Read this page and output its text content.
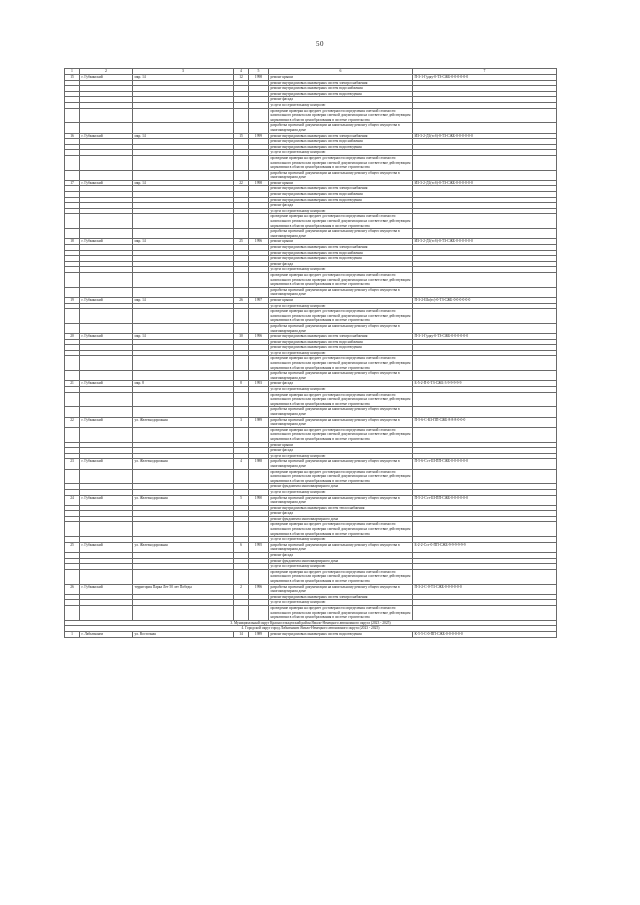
50
1	2	3	4	5	6	7
15	г. Губкинский	мкр. 14	12	1998	ремонт крыши	П-3-1-Гудку-0-ТЗ-СЖБ-0-0-0-0-0-0
					ремонт внутридомовых инженерных систем электроснабжения	
					ремонт внутридомовых инженерных систем водоснабжения	
					ремонт внутридомовых инженерных систем водоотведения	
					ремонт фасада	
					услуги по строительному контролю	
					проведение проверки на предмет достоверности определения сметной стоимости капитального ремонта или проверки сметной документации на соответствие действующим нормативам в области ценообразования в системе строительства	
					разработка проектной документации на капитальному ремонту общего имущества в многоквартирном доме	
16	г. Губкинский	мкр. 14	15	1999	ремонт внутридомовых инженерных систем электроснабжения	ИЗ-3-2-Д1(тсб)-0-ТЗ-СЖБ-0-0-0-0-0-0
					ремонт внутридомовых инженерных систем водоснабжения	
					ремонт внутридомовых инженерных систем водоотведения	
					услуги по строительному контролю	
					проведение проверки на предмет достоверности определения сметной стоимости капитального ремонта или проверки сметной документации на соответствие действующим нормативам в области ценообразования в системе строительства	
					разработка проектной документации на капитальному ремонту общего имущества в многоквартирном доме	
17	г. Губкинский	мкр. 14	22	1998	ремонт крыши	ИЗ-3-2-Д1(тсб)-0-ТЗ-СЖБ-0-0-0-0-0-0
					ремонт внутридомовых инженерных систем электроснабжения	
					ремонт внутридомовых инженерных систем водоснабжения	
					ремонт внутридомовых инженерных систем водоотведения	
					ремонт фасада	
					услуги по строительному контролю	
					проведение проверки на предмет достоверности определения сметной стоимости капитального ремонта или проверки сметной документации на соответствие действующим нормативам в области ценообразования в системе строительства	
					разработка проектной документации на капитальному ремонту общего имущества в многоквартирном доме	
18	г. Губкинский	мкр. 14	25	1996	ремонт крыши	ИЗ-3-2-Д1(тсб)-0-ТЗ-СЖБ-0-0-0-0-0-0
					ремонт внутридомовых инженерных систем электроснабжения	
					ремонт внутридомовых инженерных систем водоснабжения	
					ремонт внутридомовых инженерных систем водоотведения	
					ремонт фасада	
					услуги по строительному контролю	
					проведение проверки на предмет достоверности определения сметной стоимости капитального ремонта или проверки сметной документации на соответствие действующим нормативам в области ценообразования в системе строительства	
					разработка проектной документации на капитальному ремонту общего имущества в многоквартирном доме	
19	г. Губкинский	мкр. 14	26	1997	ремонт крыши	П-3-2-Шо(тс)-0-ТЗ-СЖБ-0-0-0-0-0-0
					услуги по строительному контролю	
					проведение проверки на предмет достоверности определения сметной стоимости капитального ремонта или проверки сметной документации на соответствие действующим нормативам в области ценообразования в системе строительства	
					разработка проектной документации на капитальному ремонту общего имущества в многоквартирном доме	
20	г. Губкинский	мкр. 14	30	1996	ремонт внутридомовых инженерных систем электроснабжения	П-3-1-Гудку-0-ТЗ-СЖБ-0-0-0-0-0-0
					ремонт внутридомовых инженерных систем водоснабжения	
					ремонт внутридомовых инженерных систем водоотведения	
					услуги по строительному контролю	
					проведение проверки на предмет достоверности определения сметной стоимости капитального ремонта или проверки сметной документации на соответствие действующим нормативам в области ценообразования в системе строительства	
					разработка проектной документации на капитальному ремонту общего имущества в многоквартирном доме	
21	г. Губкинский	мкр. 8	8	1993	ремонт фасада	Б-5-2-П-0-ТЗ-СЖБ-3-9-9-9-9-9
					услуги по строительному контролю	
					проведение проверки на предмет достоверности определения сметной стоимости капитального ремонта или проверки сметной документации на соответствие действующим нормативам в области ценообразования в системе строительства	
					разработка проектной документации на капитальному ремонту общего имущества в многоквартирном доме	
22	г. Губкинский	ул. Железнодорожная	3	1989	разработка проектной документации на капитальному ремонту общего имущества в многоквартирном доме	П-5-6-С-КЗ-ПП-СЖБ-8-8-8-0-0-0
					проведение проверки на предмет достоверности определения сметной стоимости капитального ремонта или проверки сметной документации на соответствие действующим нормативам в области ценообразования в системе строительства	
					ремонт крыши	
					ремонт фасада	
					услуги по строительному контролю	
23	г. Губкинский	ул. Железнодорожная	4	1988	разработка проектной документации на капитальному ремонту общего имущества в многоквартирном доме	П-5-6-Сст-Ш-ПП-СЖБ-0-0-0-0-0-0
					проведение проверки на предмет достоверности определения сметной стоимости капитального ремонта или проверки сметной документации на соответствие действующим нормативам в области ценообразования в системе строительства	
					ремонт фундамента многоквартирного дома	
					услуги по строительному контролю	
24	г. Губкинский	ул. Железнодорожная	5	1990	разработка проектной документации на капитальному ремонту общего имущества в многоквартирном доме	П-5-2-Сст-Ш-ПП-СЖБ-0-0-0-0-0-0
					ремонт внутридомовых инженерных систем теплоснабжения	
					ремонт фасада	
					ремонт фундамента многоквартирного дома	
					проведение проверки на предмет достоверности определения сметной стоимости капитального ремонта или проверки сметной документации на соответствие действующим нормативам в области ценообразования в системе строительства	
					услуги по строительному контролю	
25	г. Губкинский	ул. Железнодорожная	6	1995	разработка проектной документации на капитальному ремонту общего имущества в многоквартирном доме	Б-2-2-Сст-0-ПП-СЖБ-9-9-9-9-9-9
					ремонт фасада	
					ремонт фундамента многоквартирного дома	
					услуги по строительному контролю	
					проведение проверки на предмет достоверности определения сметной стоимости капитального ремонта или проверки сметной документации на соответствие действующим нормативам в области ценообразования в системе строительства	
26	г. Губкинский	территория Парка Лет 50 лет Победы	2	1996	разработка проектной документации на капитальному ремонту общего имущества в многоквартирном доме	П-3-2-С-0-ТЗ-СЖБ-0-0-0-0-0-0
					ремонт внутридомовых инженерных систем электроснабжения	
					услуги по строительному контролю	
					проведение проверки на предмет достоверности определения сметной стоимости капитального ремонта или проверки сметной документации на соответствие действующим нормативам в области ценообразования в системе строительства	
3. Муниципальный округ Красноселькупский район Ямало-Ненецкого автономного округа (2023 - 2025)						
4. Городской округ город Лабытнанги Ямало-Ненецкого автономного округа (2023 - 2025)						
1	г. Лабытнанги	ул. Восточная	14	1989	ремонт внутридомовых инженерных систем водоотведения	К-5-5-С-0-ПП-СЖБ-0-0-0-0-0-0
